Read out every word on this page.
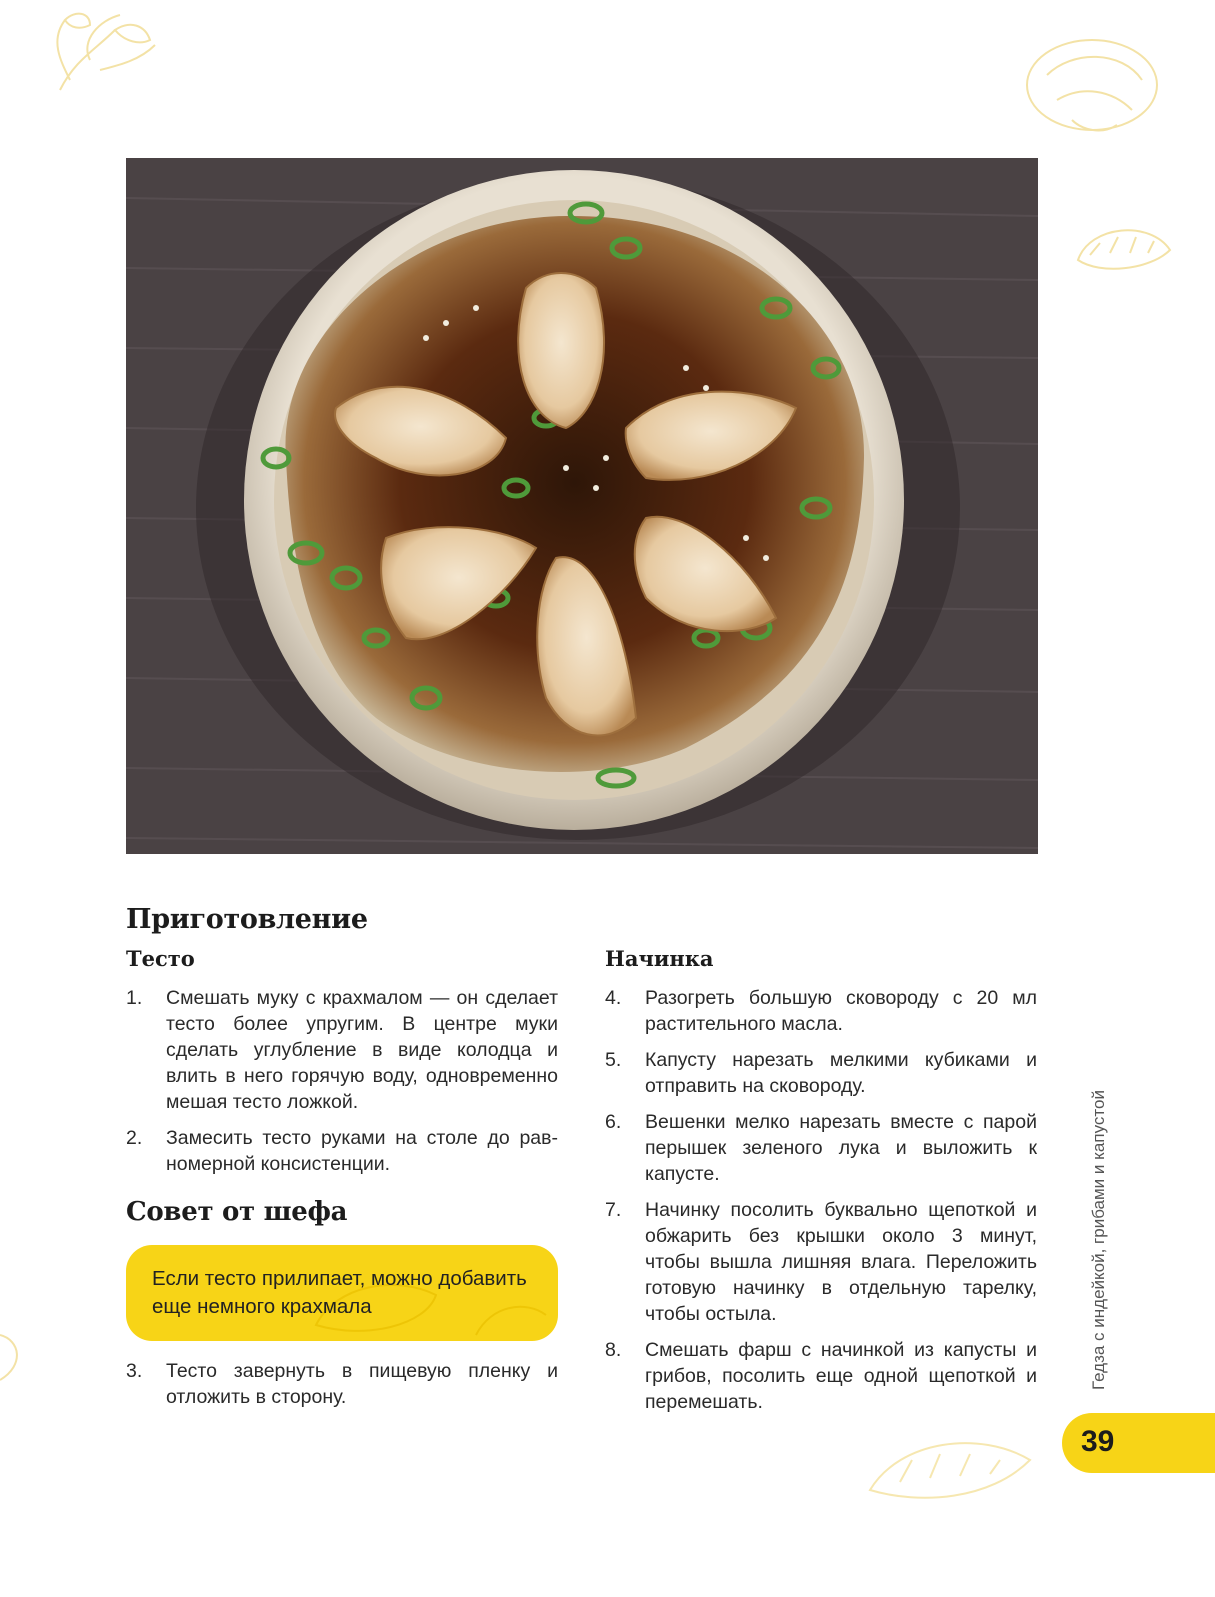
Приготовление
Тесто
1.	Смешать муку с крахмалом — он сделает тесто более упругим. В центре муки сделать углубление в виде колодца и влить в него горячую воду, одновременно мешая тесто ложкой.
2.	Замесить тесто руками на столе до равномерной консистенции.
Совет от шефа

Если тесто прилипает, можно добавить еще немного крахмала

3.	Тесто завернуть в пищевую пленку и отложить в сторону.
Начинка
4.	Разогреть большую сковороду с 20 мл растительного масла.
5.	Капусту нарезать мелкими кубиками и отправить на сковороду.
6.	Вешенки мелко нарезать вместе с парой перышек зеленого лука и выложить к капусте.
7.	Начинку посолить буквально щепоткой и обжарить без крышки около 3 минут, чтобы вышла лишняя влага. Переложить готовую начинку в отдельную тарелку, чтобы остыла.
8.	Смешать фарш с начинкой из капусты и грибов, посолить еще одной щепоткой и перемешать.
Гедза с индейкой, грибами и капустой

39
